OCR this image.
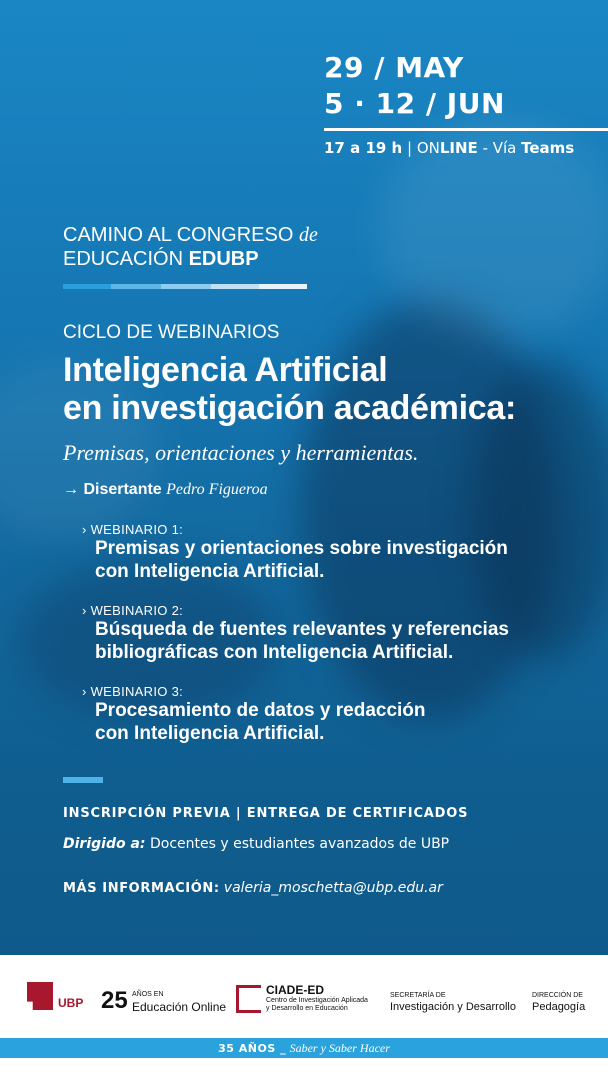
29 / MAY
5 · 12 / JUN
17 a 19 h | ONLINE - Vía Teams
CAMINO AL CONGRESO de
EDUCACIÓN EDUBP
CICLO DE WEBINARIOS
Inteligencia Artificial
en investigación académica:
Premisas, orientaciones y herramientas.
→ Disertante Pedro Figueroa
› WEBINARIO 1:
Premisas y orientaciones sobre investigación
con Inteligencia Artificial.
› WEBINARIO 2:
Búsqueda de fuentes relevantes y referencias
bibliográficas con Inteligencia Artificial.
› WEBINARIO 3:
Procesamiento de datos y redacción
con Inteligencia Artificial.
INSCRIPCIÓN PREVIA | ENTREGA DE CERTIFICADOS
Dirigido a: Docentes y estudiantes avanzados de UBP
MÁS INFORMACIÓN: valeria_moschetta@ubp.edu.ar
UBP 25 AÑOS EN
Educación Online
CIADE-ED
Centro de Investigación Aplicada
y Desarrollo en Educación
SECRETARÍA DE
Investigación y Desarrollo
DIRECCIÓN DE
Pedagogía
35 AÑOS _ Saber y Saber Hacer
